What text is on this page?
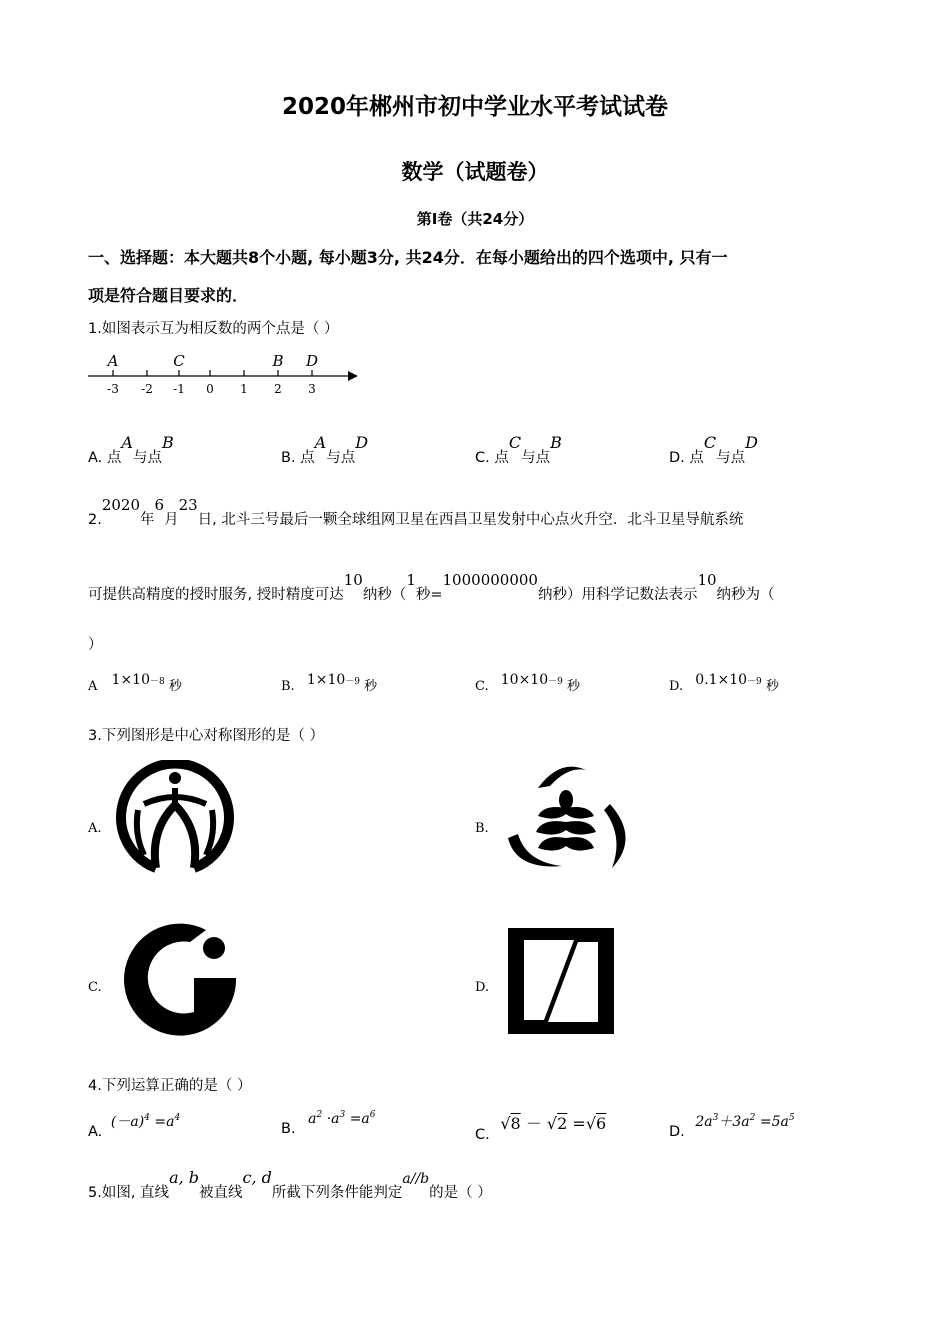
2020年郴州市初中学业水平考试试卷
数学（试题卷）
第Ⅰ卷（共24分）
一、选择题：本大题共8个小题, 每小题3分, 共24分．在每小题给出的四个选项中, 只有一
项是符合题目要求的．
1.如图表示互为相反数的两个点是（ ）
-3 -2 -1 0 1 2 3
A	C	B D
A. 点A与点B
B. 点A与点D
C. 点C与点B
D. 点C与点D
2.2020年6月23日, 北斗三号最后一颗全球组网卫星在西昌卫星发射中心点火升空．北斗卫星导航系统
可提供高精度的授时服务, 授时精度可达10纳秒（1秒=1000000000纳秒）用科学记数法表示10纳秒为（
）
A $1\times 10^{-8}$ 秒	B. $1\times 10^{-9}$ 秒	C. $10\times 10^{-9}$ 秒	D. $0.1\times 10^{-9}$ 秒
3.下列图形是中心对称图形的是（ ）
A.	B.
C.	D.
4.下列运算正确的是（ ）
A. $(-a)^4 =a^4$
B. $a^2 \cdot a^3 =a^6$
C. √8 － √2 =√6	D. $2a^3+3a^2 =5a^5$
5.如图, 直线a, b被直线c, d所截下列条件能判定a//b的是（ ）
